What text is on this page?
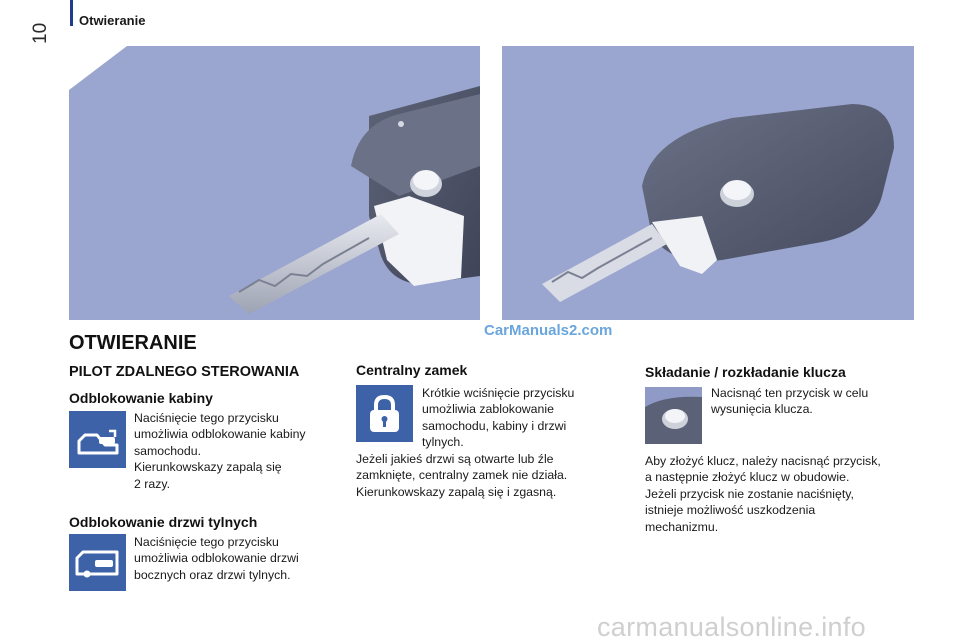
10
Otwieranie
CarManuals2.com
OTWIERANIE
PILOT ZDALNEGO STEROWANIA
Odblokowanie kabiny
Naciśnięcie tego przycisku
umożliwia odblokowanie kabiny
samochodu.
Kierunkowskazy zapalą się
2 razy.
Odblokowanie drzwi tylnych
Naciśnięcie tego przycisku
umożliwia odblokowanie drzwi
bocznych oraz drzwi tylnych.
Centralny zamek
Krótkie wciśnięcie przycisku
umożliwia zablokowanie
samochodu, kabiny i drzwi
tylnych.
Jeżeli jakieś drzwi są otwarte lub źle
zamknięte, centralny zamek nie działa.
Kierunkowskazy zapalą się i zgasną.
Składanie / rozkładanie klucza
Nacisnąć ten przycisk w celu
wysunięcia klucza.
Aby złożyć klucz, należy nacisnąć przycisk,
a następnie złożyć klucz w obudowie.
Jeżeli przycisk nie zostanie naciśnięty,
istnieje możliwość uszkodzenia
mechanizmu.
carmanualsonline.info
